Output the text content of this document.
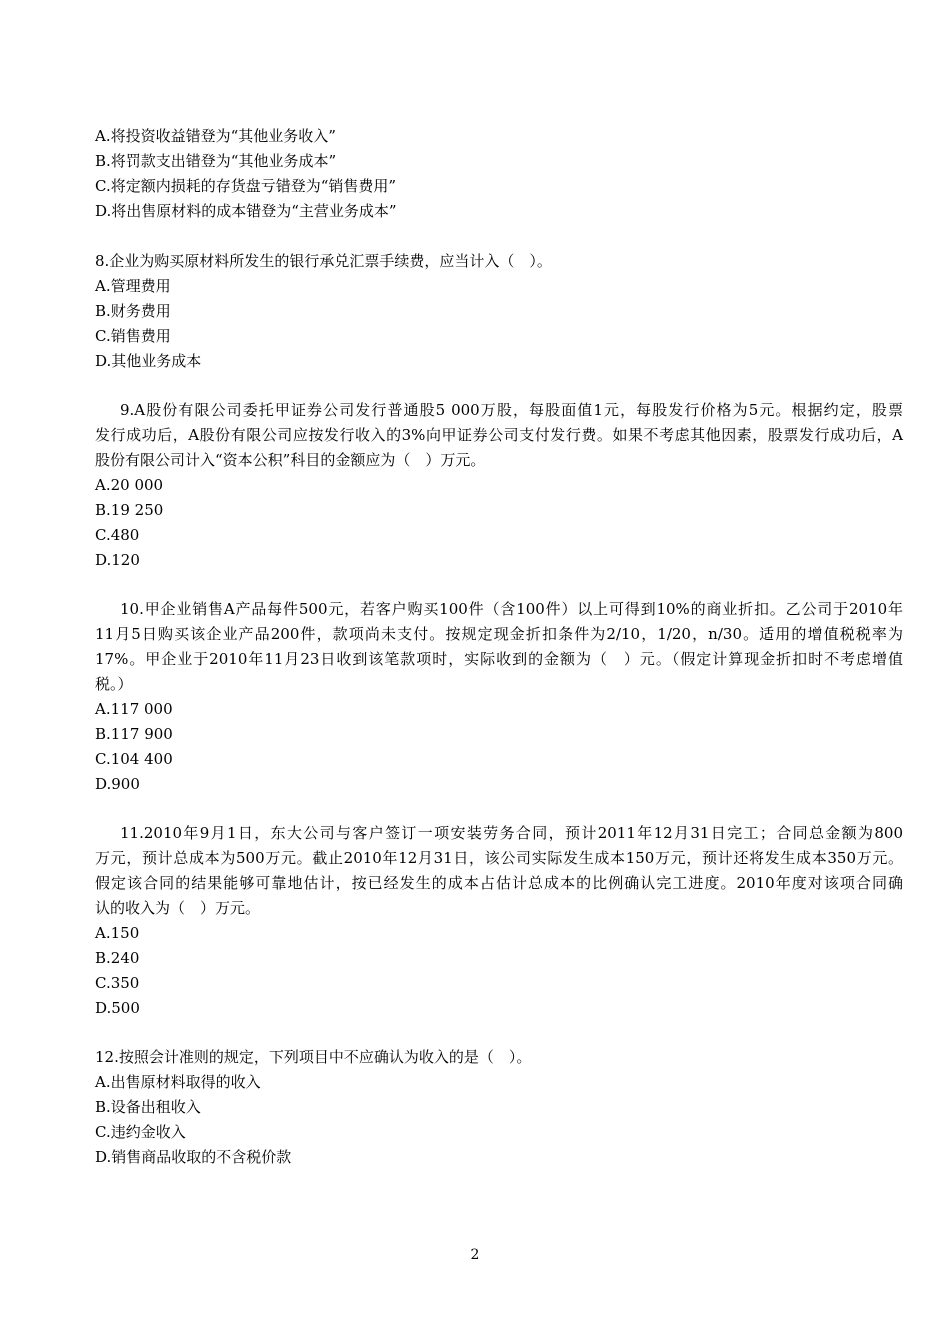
A.将投资收益错登为“其他业务收入”
B.将罚款支出错登为“其他业务成本”
C.将定额内损耗的存货盘亏错登为“销售费用”
D.将出售原材料的成本错登为“主营业务成本”
8.企业为购买原材料所发生的银行承兑汇票手续费，应当计入（　）。
A.管理费用
B.财务费用
C.销售费用
D.其他业务成本
9.A股份有限公司委托甲证券公司发行普通股5 000万股，每股面值1元，每股发行价格为5元。根据约定，股票
发行成功后，A股份有限公司应按发行收入的3%向甲证券公司支付发行费。如果不考虑其他因素，股票发行成功后，A
股份有限公司计入“资本公积”科目的金额应为（　）万元。
A.20 000
B.19 250
C.480
D.120
10.甲企业销售A产品每件500元，若客户购买100件（含100件）以上可得到10%的商业折扣。乙公司于2010年
11月5日购买该企业产品200件，款项尚未支付。按规定现金折扣条件为2/10，1/20，n/30。适用的增值税税率为
17%。甲企业于2010年11月23日收到该笔款项时，实际收到的金额为（　）元。（假定计算现金折扣时不考虑增值
税。）
A.117 000
B.117 900
C.104 400
D.900
11.2010年9月1日，东大公司与客户签订一项安装劳务合同，预计2011年12月31日完工；合同总金额为800
万元，预计总成本为500万元。截止2010年12月31日，该公司实际发生成本150万元，预计还将发生成本350万元。
假定该合同的结果能够可靠地估计，按已经发生的成本占估计总成本的比例确认完工进度。2010年度对该项合同确
认的收入为（　）万元。
A.150
B.240
C.350
D.500
12.按照会计准则的规定，下列项目中不应确认为收入的是（　）。
A.出售原材料取得的收入
B.设备出租收入
C.违约金收入
D.销售商品收取的不含税价款
2
